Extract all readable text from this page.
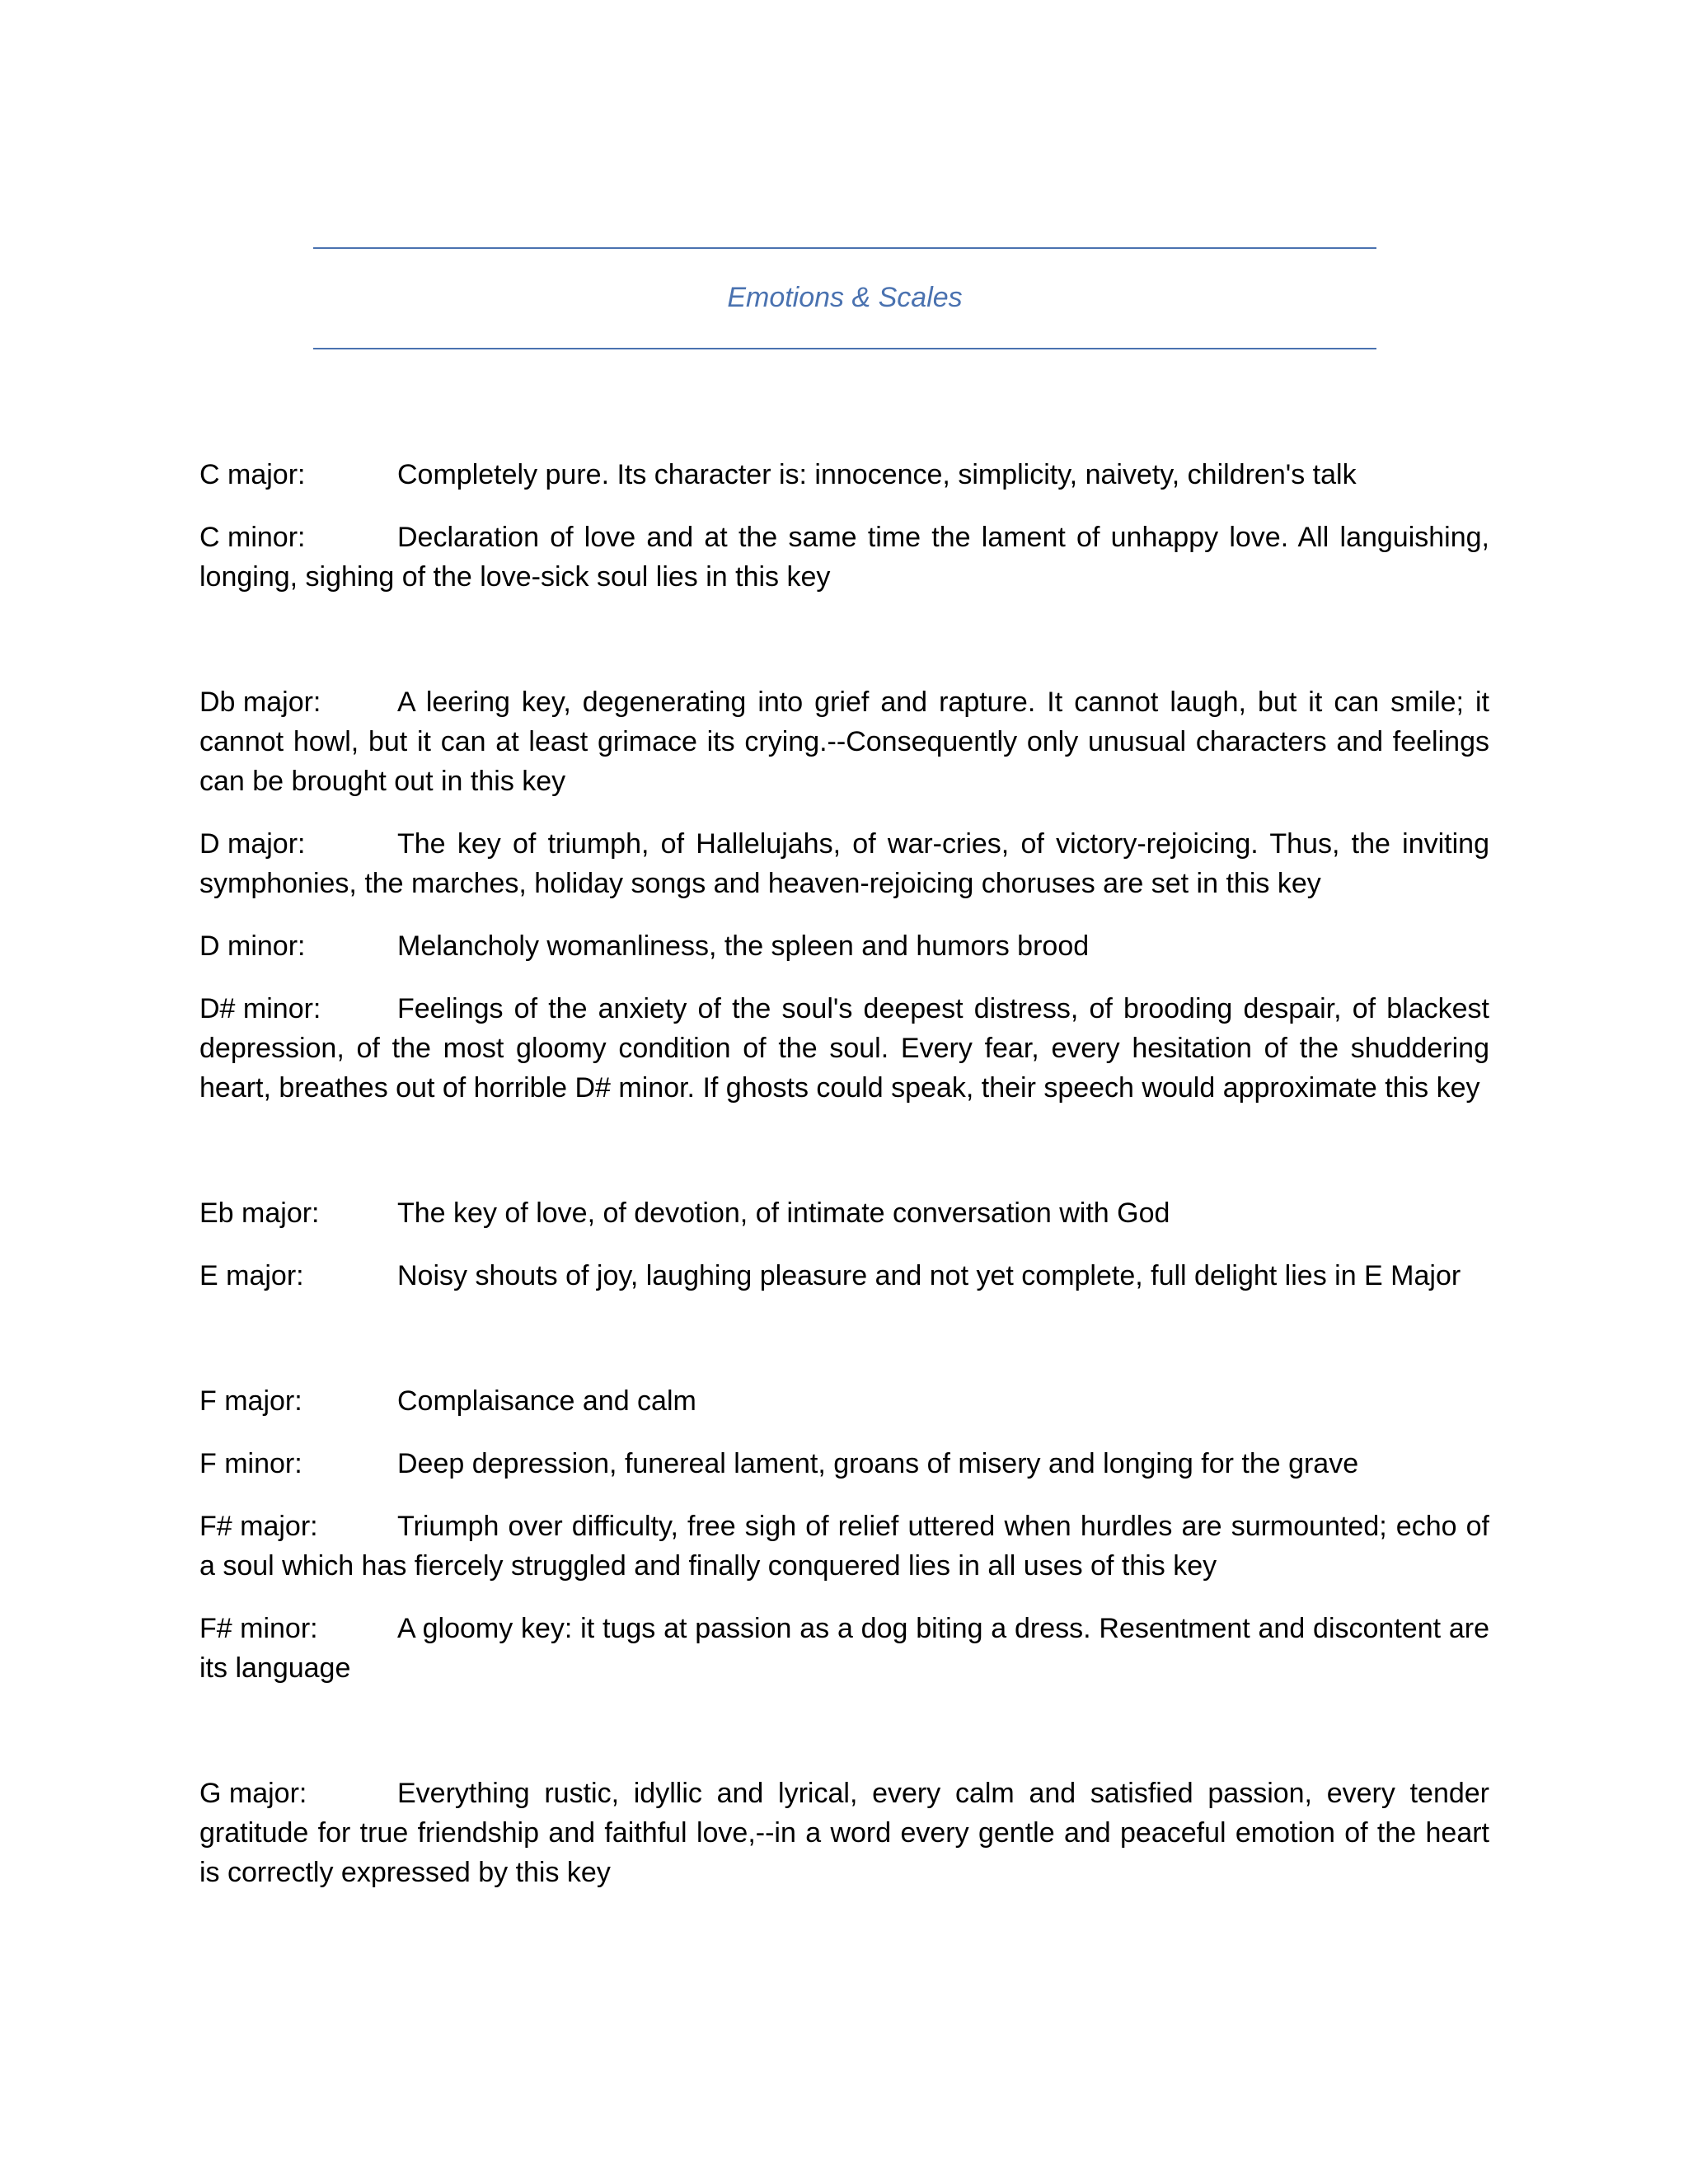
Emotions & Scales

C major:	Completely pure. Its character is: innocence, simplicity, naivety, children's talk

C minor:	Declaration of love and at the same time the lament of unhappy love. All languishing, longing, sighing of the love-sick soul lies in this key

Db major:	A leering key, degenerating into grief and rapture. It cannot laugh, but it can smile; it cannot howl, but it can at least grimace its crying.--Consequently only unusual characters and feelings can be brought out in this key

D major:	The key of triumph, of Hallelujahs, of war-cries, of victory-rejoicing. Thus, the inviting symphonies, the marches, holiday songs and heaven-rejoicing choruses are set in this key

D minor:	Melancholy womanliness, the spleen and humors brood

D# minor:	Feelings of the anxiety of the soul's deepest distress, of brooding despair, of blackest depression, of the most gloomy condition of the soul. Every fear, every hesitation of the shuddering heart, breathes out of horrible D# minor. If ghosts could speak, their speech would approximate this key

Eb major:	The key of love, of devotion, of intimate conversation with God

E major:	Noisy shouts of joy, laughing pleasure and not yet complete, full delight lies in E Major

F major:	Complaisance and calm

F minor:	Deep depression, funereal lament, groans of misery and longing for the grave

F# major:	Triumph over difficulty, free sigh of relief uttered when hurdles are surmounted; echo of a soul which has fiercely struggled and finally conquered lies in all uses of this key

F# minor:	A gloomy key: it tugs at passion as a dog biting a dress. Resentment and discontent are its language

G major:	Everything rustic, idyllic and lyrical, every calm and satisfied passion, every tender gratitude for true friendship and faithful love,--in a word every gentle and peaceful emotion of the heart is correctly expressed by this key
